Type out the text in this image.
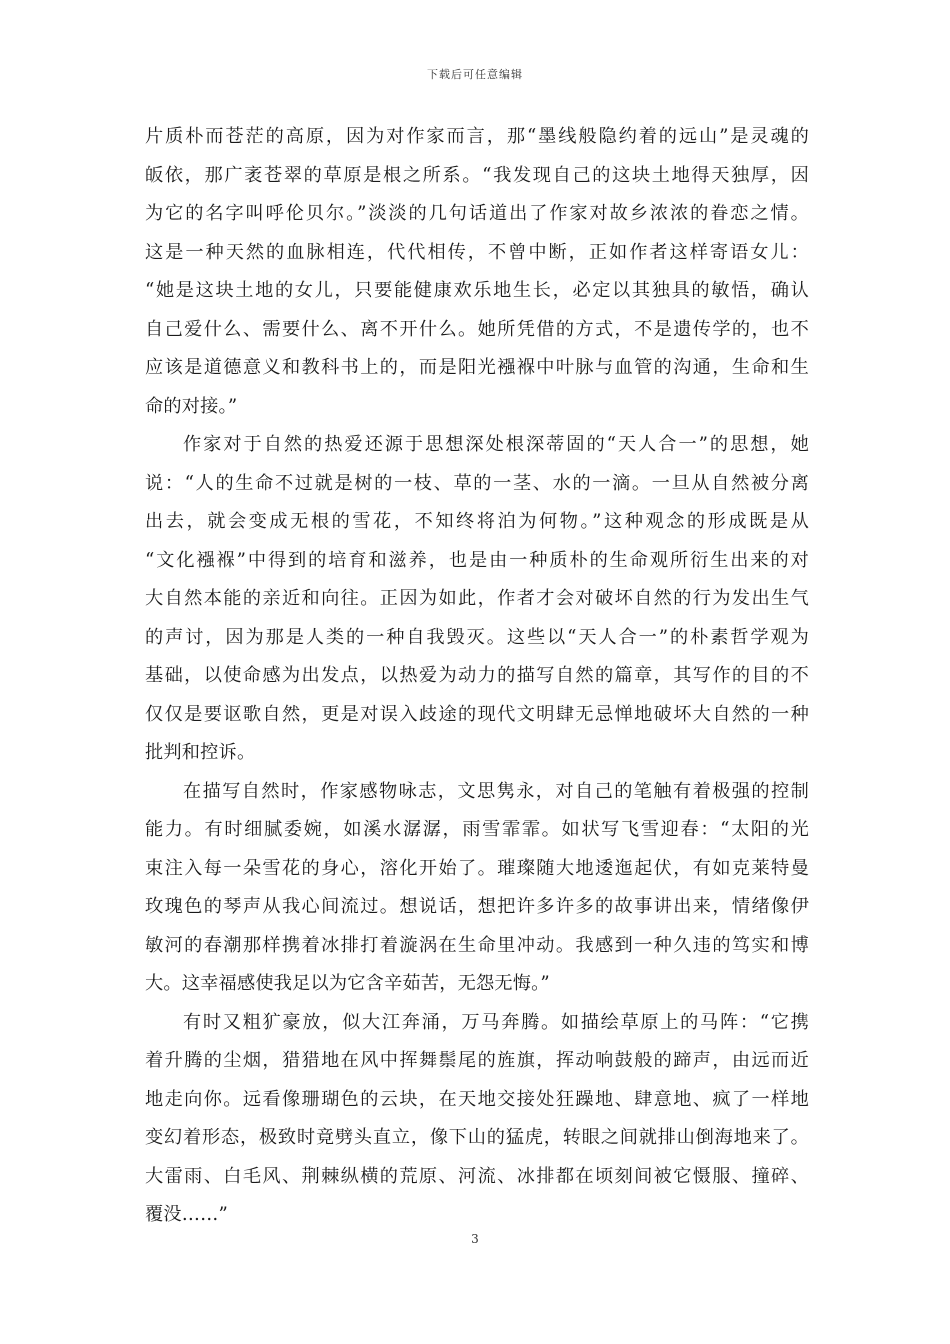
下载后可任意编辑
片质朴而苍茫的高原，因为对作家而言，那“墨线般隐约着的远山”是灵魂的
皈依，那广袤苍翠的草原是根之所系。“我发现自己的这块土地得天独厚，因
为它的名字叫呼伦贝尔。”淡淡的几句话道出了作家对故乡浓浓的眷恋之情。
这是一种天然的血脉相连，代代相传，不曾中断，正如作者这样寄语女儿：
“她是这块土地的女儿，只要能健康欢乐地生长，必定以其独具的敏悟，确认
自己爱什么、需要什么、离不开什么。她所凭借的方式，不是遗传学的，也不
应该是道德意义和教科书上的，而是阳光襁褓中叶脉与血管的沟通，生命和生
命的对接。”
作家对于自然的热爱还源于思想深处根深蒂固的“天人合一”的思想，她
说：“人的生命不过就是树的一枝、草的一茎、水的一滴。一旦从自然被分离
出去，就会变成无根的雪花，不知终将泊为何物。”这种观念的形成既是从
“文化襁褓”中得到的培育和滋养，也是由一种质朴的生命观所衍生出来的对
大自然本能的亲近和向往。正因为如此，作者才会对破坏自然的行为发出生气
的声讨，因为那是人类的一种自我毁灭。这些以“天人合一”的朴素哲学观为
基础，以使命感为出发点，以热爱为动力的描写自然的篇章，其写作的目的不
仅仅是要讴歌自然，更是对误入歧途的现代文明肆无忌惮地破坏大自然的一种
批判和控诉。
在描写自然时，作家感物咏志，文思隽永，对自己的笔触有着极强的控制
能力。有时细腻委婉，如溪水潺潺，雨雪霏霏。如状写飞雪迎春：“太阳的光
束注入每一朵雪花的身心，溶化开始了。璀璨随大地逶迤起伏，有如克莱特曼
玫瑰色的琴声从我心间流过。想说话，想把许多许多的故事讲出来，情绪像伊
敏河的春潮那样携着冰排打着漩涡在生命里冲动。我感到一种久违的笃实和博
大。这幸福感使我足以为它含辛茹苦，无怨无悔。”
有时又粗犷豪放，似大江奔涌，万马奔腾。如描绘草原上的马阵：“它携
着升腾的尘烟，猎猎地在风中挥舞鬃尾的旌旗，挥动响鼓般的蹄声，由远而近
地走向你。远看像珊瑚色的云块，在天地交接处狂躁地、肆意地、疯了一样地
变幻着形态，极致时竟劈头直立，像下山的猛虎，转眼之间就排山倒海地来了。
大雷雨、白毛风、荆棘纵横的荒原、河流、冰排都在顷刻间被它慑服、撞碎、
覆没……”
3
